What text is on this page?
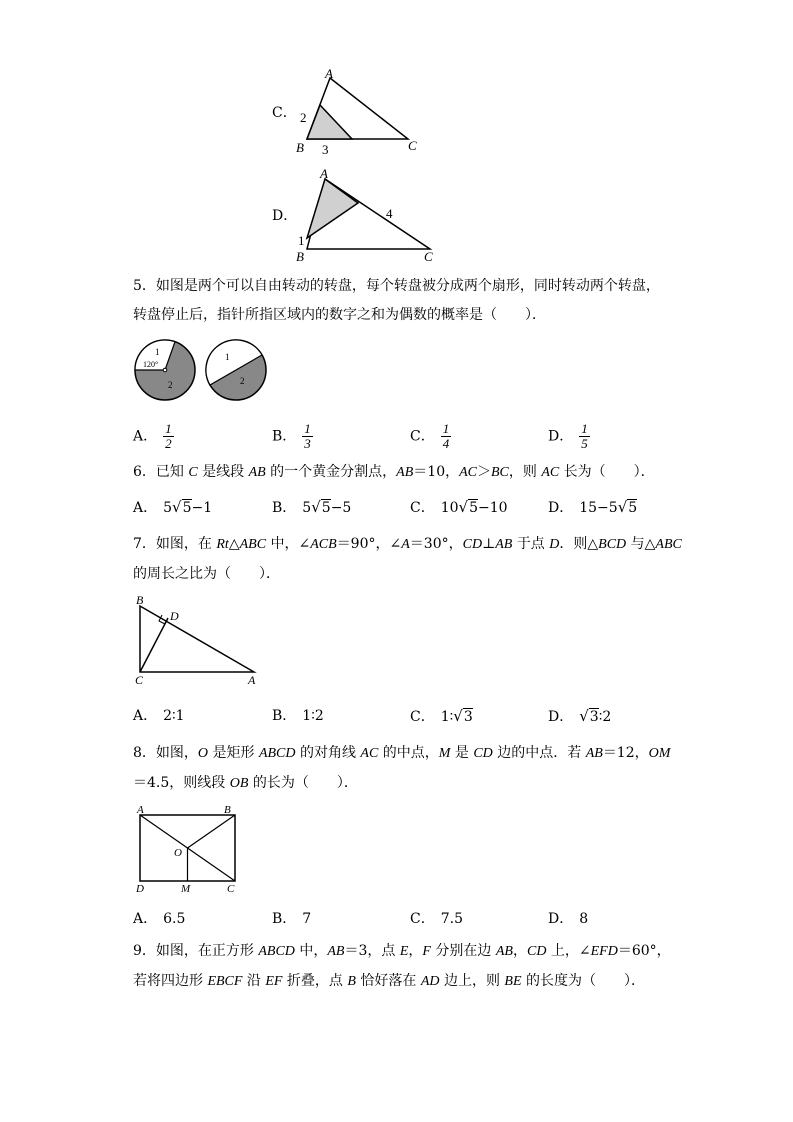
C．
A
B	C
2
3
D．
A
B	C
1
4
5．如图是两个可以自由转动的转盘，每个转盘被分成两个扇形，同时转动两个转盘，
转盘停止后，指针所指区域内的数字之和为偶数的概率是（　　）．
1
2
120°
1
2
A． $\frac{1}{2}$	B． $\frac{1}{3}$	C． $\frac{1}{4}$	D． $\frac{1}{5}$
6．已知 C 是线段 AB 的一个黄金分割点，AB＝10，AC＞BC，则 AC 长为（　　）．
A． 5√5−1	B． 5√5−5	C． 10√5−10	D． 15−5√5
7．如图，在 Rt△ABC 中，∠ACB＝90°，∠A＝30°，CD⊥AB 于点 D．则△BCD 与△ABC
的周长之比为（　　）．
B
D
C	A
A． 2∶1	B． 1∶2	C． 1∶√3	D． √3∶2
8．如图，O 是矩形 ABCD 的对角线 AC 的中点，M 是 CD 边的中点．若 AB＝12，OM
＝4.5，则线段 OB 的长为（　　）．
A	B
D	C
O
M
A． 6.5	B． 7	C． 7.5	D． 8
9．如图，在正方形 ABCD 中，AB＝3，点 E，F 分别在边 AB，CD 上，∠EFD＝60°，
若将四边形 EBCF 沿 EF 折叠，点 B 恰好落在 AD 边上，则 BE 的长度为（　　）．
